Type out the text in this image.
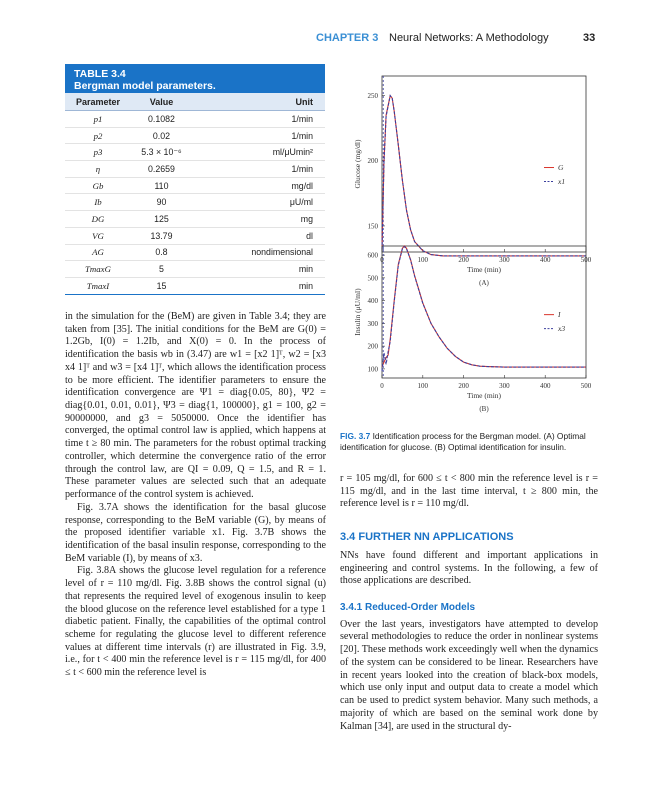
CHAPTER 3 Neural Networks: A Methodology	33
TABLE 3.4
Bergman model parameters.
Parameter	Value	Unit
p1	0.1082	1/min
p2	0.02	1/min
p3	5.3 × 10⁻⁶	ml/μUmin²
η	0.2659	1/min
Gb	110	mg/dl
Ib	90	μU/ml
DG	125	mg
VG	13.79	dl
AG	0.8	nondimensional
TmaxG	5	min
TmaxI	15	min

in the simulation for the (BeM) are given in Table 3.4; they are taken from [35]. The initial conditions for the BeM are G(0) = 1.2Gb, I(0) = 1.2Ib, and X(0) = 0. In the process of identification the basis wb in (3.47) are w1 = [x2 1]ᵀ, w2 = [x3 x4 1]ᵀ and w3 = [x4 1]ᵀ, which allows the identification process to be more efficient. The identifier parameters to ensure the identification convergence are Ψ1 = diag{0.05, 80}, Ψ2 = diag{0.01, 0.01, 0.01}, Ψ3 = diag{1, 100000}, g1 = 100, g2 = 90000000, and g3 = 5050000. Once the identifier has converged, the optimal control law is applied, which happens at time t ≥ 80 min. The parameters for the robust optimal tracking controller, which determine the convergence ratio of the error through the control law, are QI = 0.09, Q = 1.5, and R = 1. These parameter values are selected such that an adequate performance of the control system is achieved.

Fig. 3.7A shows the identification for the basal glucose response, corresponding to the BeM variable (G), by means of the proposed identifier variable x1. Fig. 3.7B shows the identification of the basal insulin response, corresponding to the BeM variable (I), by means of x3.

Fig. 3.8A shows the glucose level regulation for a reference level of r = 110 mg/dl. Fig. 3.8B shows the control signal (u) that represents the required level of exogenous insulin to keep the blood glucose on the reference level established for a type 1 diabetic patient. Finally, the capabilities of the optimal control scheme for regulating the glucose level to different reference values at different time intervals (r) are illustrated in Fig. 3.9, i.e., for t < 400 min the reference level is r = 115 mg/dl, for 400 ≤ t < 600 min the reference level is

0	100	200	300	400	500
150
200
250
Time (min)
Glucose (mg/dl)
(A)
G
x1
0	100	200	300	400	500
100
200
300
400
500
600
Time (min)
Insulin (μU/ml)
(B)
I
x3
FIG. 3.7 Identification process for the Bergman model. (A) Optimal identification for glucose. (B) Optimal identification for insulin.

r = 105 mg/dl, for 600 ≤ t < 800 min the reference level is r = 115 mg/dl, and in the last time interval, t ≥ 800 min, the reference level is r = 110 mg/dl.

3.4 FURTHER NN APPLICATIONS

NNs have found different and important applications in engineering and control systems. In the following, a few of those applications are described.

3.4.1 Reduced-Order Models

Over the last years, investigators have attempted to develop several methodologies to reduce the order in nonlinear systems [20]. These methods work exceedingly well when the dynamics of the system can be considered to be linear. Researchers have in recent years looked into the creation of black-box models, which use only input and output data to create a model which can be used to predict system behavior. Many such methods, a majority of which are based on the seminal work done by Kalman [34], are used in the structural dy-
